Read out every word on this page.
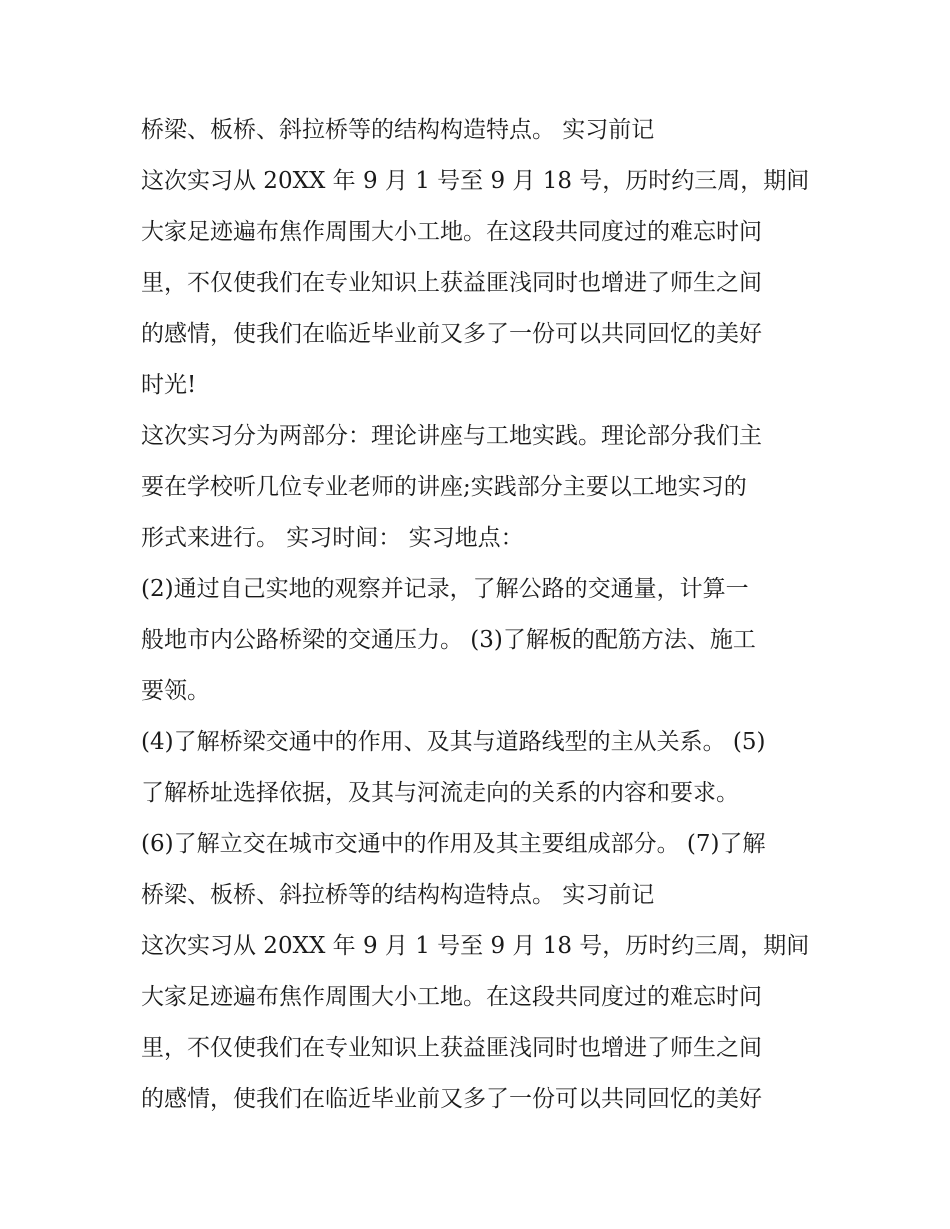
桥梁、板桥、斜拉桥等的结构构造特点。 实习前记
这次实习从 20XX 年 9 月 1 号至 9 月 18 号，历时约三周，期间
大家足迹遍布焦作周围大小工地。在这段共同度过的难忘时问
里，不仅使我们在专业知识上获益匪浅同时也增进了师生之间
的感情，使我们在临近毕业前又多了一份可以共同回忆的美好
时光!
这次实习分为两部分：理论讲座与工地实践。理论部分我们主
要在学校听几位专业老师的讲座;实践部分主要以工地实习的
形式来进行。 实习时间： 实习地点：
(2)通过自己实地的观察并记录，了解公路的交通量，计算一
般地市内公路桥梁的交通压力。 (3)了解板的配筋方法、施工
要领。
(4)了解桥梁交通中的作用、及其与道路线型的主从关系。 (5)
了解桥址选择依据，及其与河流走向的关系的内容和要求。
(6)了解立交在城市交通中的作用及其主要组成部分。 (7)了解
桥梁、板桥、斜拉桥等的结构构造特点。 实习前记
这次实习从 20XX 年 9 月 1 号至 9 月 18 号，历时约三周，期间
大家足迹遍布焦作周围大小工地。在这段共同度过的难忘时问
里，不仅使我们在专业知识上获益匪浅同时也增进了师生之间
的感情，使我们在临近毕业前又多了一份可以共同回忆的美好
